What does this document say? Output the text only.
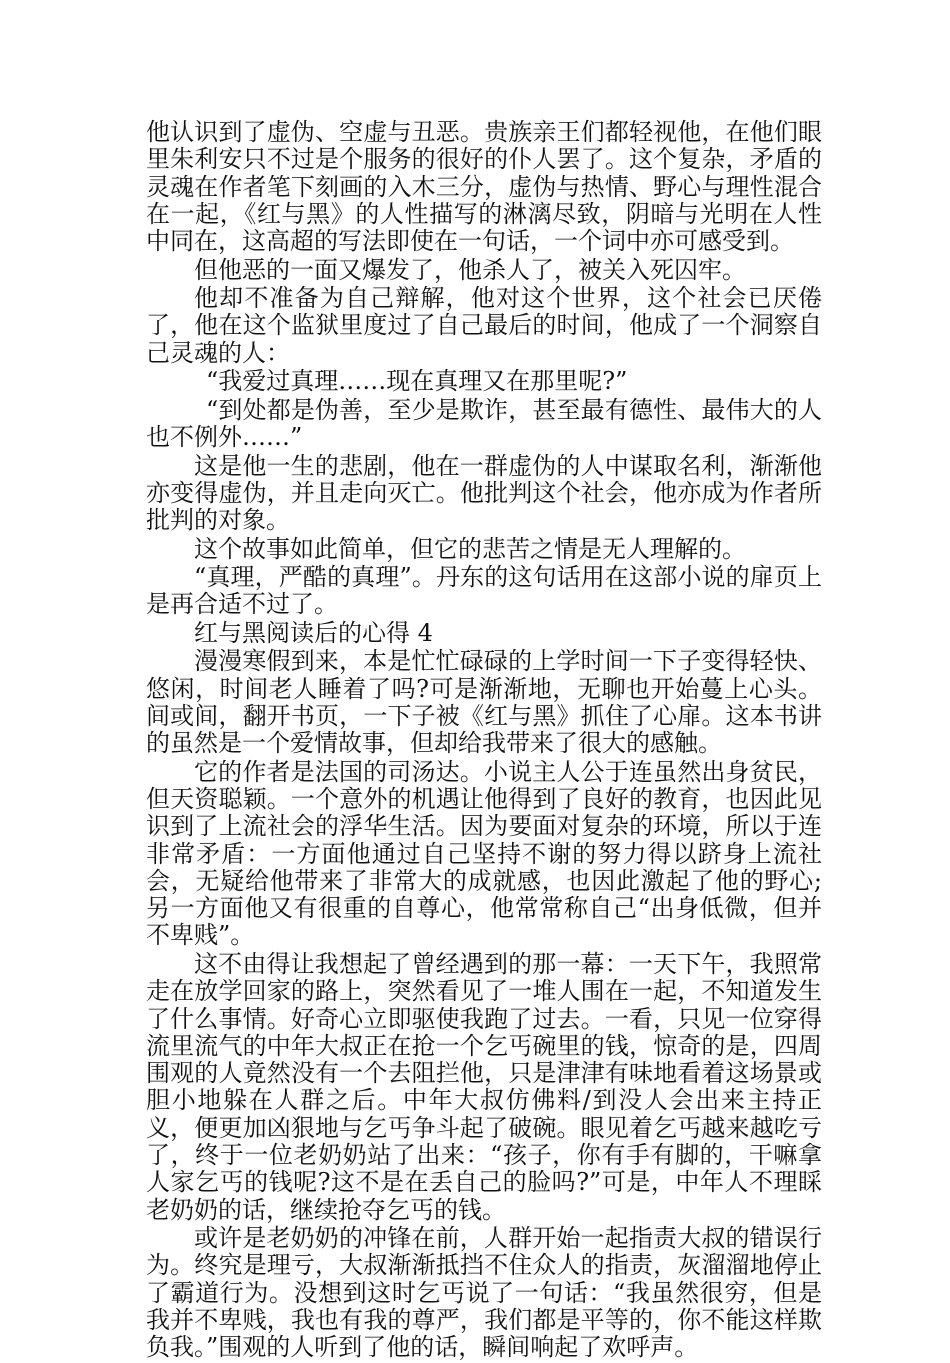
他认识到了虚伪、空虚与丑恶。贵族亲王们都轻视他，在他们眼里朱利安只不过是个服务的很好的仆人罢了。这个复杂，矛盾的灵魂在作者笔下刻画的入木三分，虚伪与热情、野心与理性混合在一起，《红与黑》的人性描写的淋漓尽致，阴暗与光明在人性中同在，这高超的写法即使在一句话，一个词中亦可感受到。

但他恶的一面又爆发了，他杀人了，被关入死囚牢。

他却不准备为自己辩解，他对这个世界，这个社会已厌倦了，他在这个监狱里度过了自己最后的时间，他成了一个洞察自己灵魂的人：

“我爱过真理……现在真理又在那里呢?”

“到处都是伪善，至少是欺诈，甚至最有德性、最伟大的人也不例外……”

这是他一生的悲剧，他在一群虚伪的人中谋取名利，渐渐他亦变得虚伪，并且走向灭亡。他批判这个社会，他亦成为作者所批判的对象。

这个故事如此简单，但它的悲苦之情是无人理解的。

“真理，严酷的真理”。丹东的这句话用在这部小说的扉页上是再合适不过了。

红与黑阅读后的心得 4

漫漫寒假到来，本是忙忙碌碌的上学时间一下子变得轻快、悠闲，时间老人睡着了吗?可是渐渐地，无聊也开始蔓上心头。间或间，翻开书页，一下子被《红与黑》抓住了心扉。这本书讲的虽然是一个爱情故事，但却给我带来了很大的感触。

它的作者是法国的司汤达。小说主人公于连虽然出身贫民，但天资聪颖。一个意外的机遇让他得到了良好的教育，也因此见识到了上流社会的浮华生活。因为要面对复杂的环境，所以于连非常矛盾：一方面他通过自己坚持不谢的努力得以跻身上流社会，无疑给他带来了非常大的成就感，也因此激起了他的野心;另一方面他又有很重的自尊心，他常常称自己“出身低微，但并不卑贱”。

这不由得让我想起了曾经遇到的那一幕：一天下午，我照常走在放学回家的路上，突然看见了一堆人围在一起，不知道发生了什么事情。好奇心立即驱使我跑了过去。一看，只见一位穿得流里流气的中年大叔正在抢一个乞丐碗里的钱，惊奇的是，四周围观的人竟然没有一个去阻拦他，只是津津有味地看着这场景或胆小地躲在人群之后。中年大叔仿佛料/到没人会出来主持正义，便更加凶狠地与乞丐争斗起了破碗。眼见着乞丐越来越吃亏了，终于一位老奶奶站了出来：“孩子，你有手有脚的，干嘛拿人家乞丐的钱呢?这不是在丢自己的脸吗?”可是，中年人不理睬老奶奶的话，继续抢夺乞丐的钱。

或许是老奶奶的冲锋在前，人群开始一起指责大叔的错误行为。终究是理亏，大叔渐渐抵挡不住众人的指责，灰溜溜地停止了霸道行为。没想到这时乞丐说了一句话：“我虽然很穷，但是我并不卑贱，我也有我的尊严，我们都是平等的，你不能这样欺负我。”围观的人听到了他的话，瞬间响起了欢呼声。
